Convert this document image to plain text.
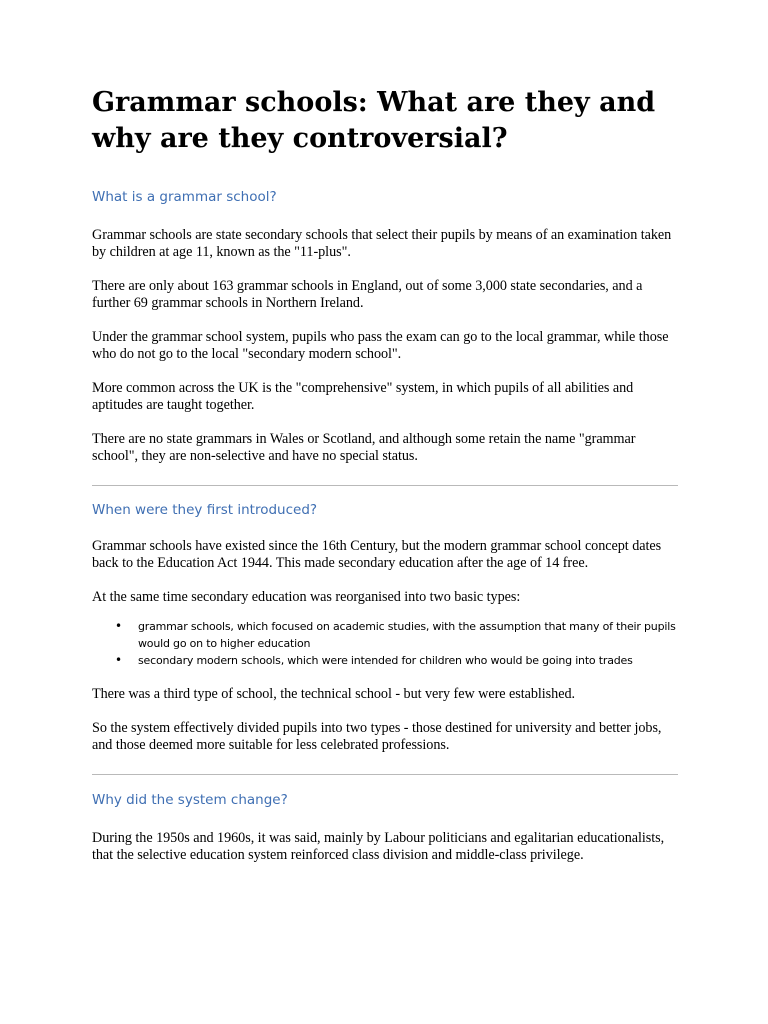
Grammar schools: What are they and why are they controversial?
What is a grammar school?

Grammar schools are state secondary schools that select their pupils by means of an examination taken by children at age 11, known as the "11-plus".

There are only about 163 grammar schools in England, out of some 3,000 state secondaries, and a further 69 grammar schools in Northern Ireland.

Under the grammar school system, pupils who pass the exam can go to the local grammar, while those who do not go to the local "secondary modern school".

More common across the UK is the "comprehensive" system, in which pupils of all abilities and aptitudes are taught together.

There are no state grammars in Wales or Scotland, and although some retain the name "grammar school", they are non-selective and have no special status.

When were they first introduced?

Grammar schools have existed since the 16th Century, but the modern grammar school concept dates back to the Education Act 1944. This made secondary education after the age of 14 free.

At the same time secondary education was reorganised into two basic types:

• grammar schools, which focused on academic studies, with the assumption that many of their pupils would go on to higher education
• secondary modern schools, which were intended for children who would be going into trades

There was a third type of school, the technical school - but very few were established.

So the system effectively divided pupils into two types - those destined for university and better jobs, and those deemed more suitable for less celebrated professions.

Why did the system change?

During the 1950s and 1960s, it was said, mainly by Labour politicians and egalitarian educationalists, that the selective education system reinforced class division and middle-class privilege.
